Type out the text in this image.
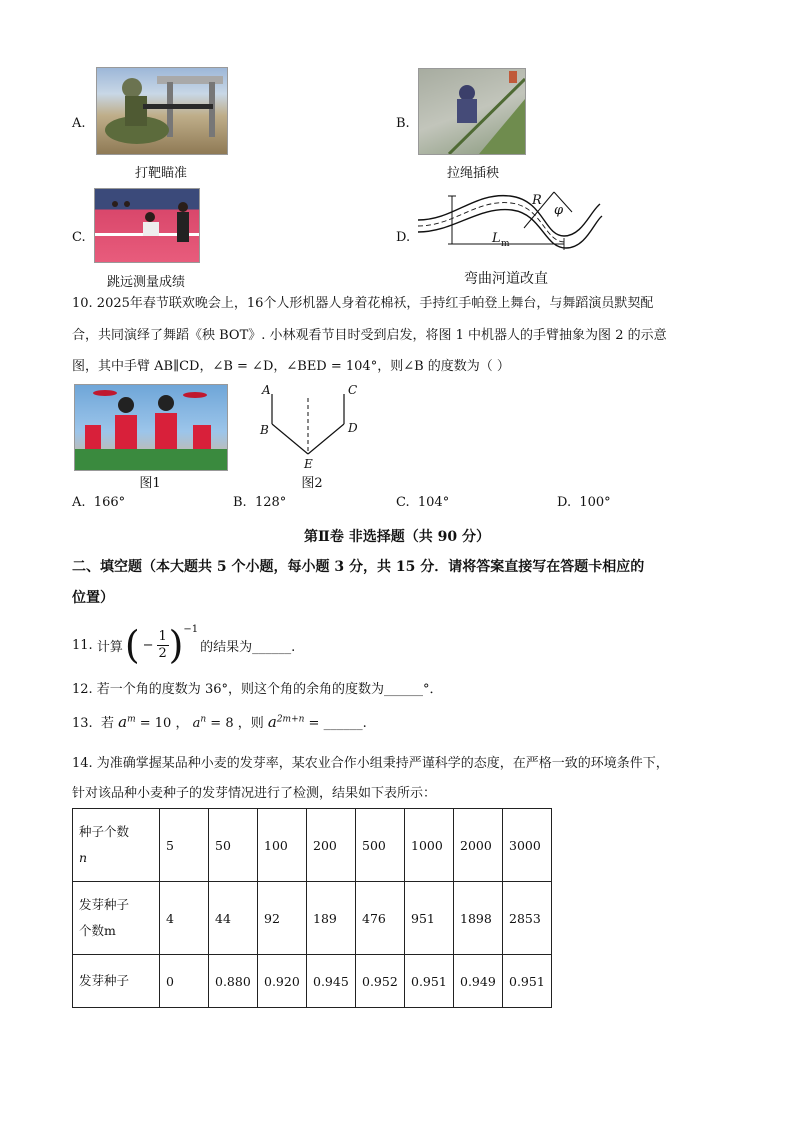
A.
打靶瞄准
B.
拉绳插秧
C.
跳远测量成绩
D.
R
φ
L m
弯曲河道改直
10. 2025年春节联欢晚会上，16个人形机器人身着花棉袄，手持红手帕登上舞台，与舞蹈演员默契配
合，共同演绎了舞蹈《秧 BOT》. 小林观看节目时受到启发，将图 1 中机器人的手臂抽象为图 2 的示意
图，其中手臂 AB∥CD，∠B = ∠D，∠BED = 104°，则∠B 的度数为（ ）
图1
A
B
C
D
E
图2
A. 166°	B. 128°	C. 104°	D. 100°
第Ⅱ卷 非选择题（共 90 分）
二、填空题（本大题共 5 个小题，每小题 3 分，共 15 分．请将答案直接写在答题卡相应的
位置）
11.
计算 ( −
1
2 ) −1
的结果为______.
12. 若一个角的度数为 36°，则这个角的余角的度数为______°．
13. 若 $a^m = 10$ ， $a^n = 8$ ，则 $a^{2m+n}$ = ______.
14. 为准确掌握某品种小麦的发芽率，某农业合作小组秉持严谨科学的态度，在严格一致的环境条件下，
针对该品种小麦种子的发芽情况进行了检测，结果如下表所示：
种子个数
n	5	50	100	200	500	1000	2000	3000
发芽种子
个数m	4	44	92	189	476	951	1898	2853
发芽种子	0	0.880	0.920	0.945	0.952	0.951	0.949	0.951
